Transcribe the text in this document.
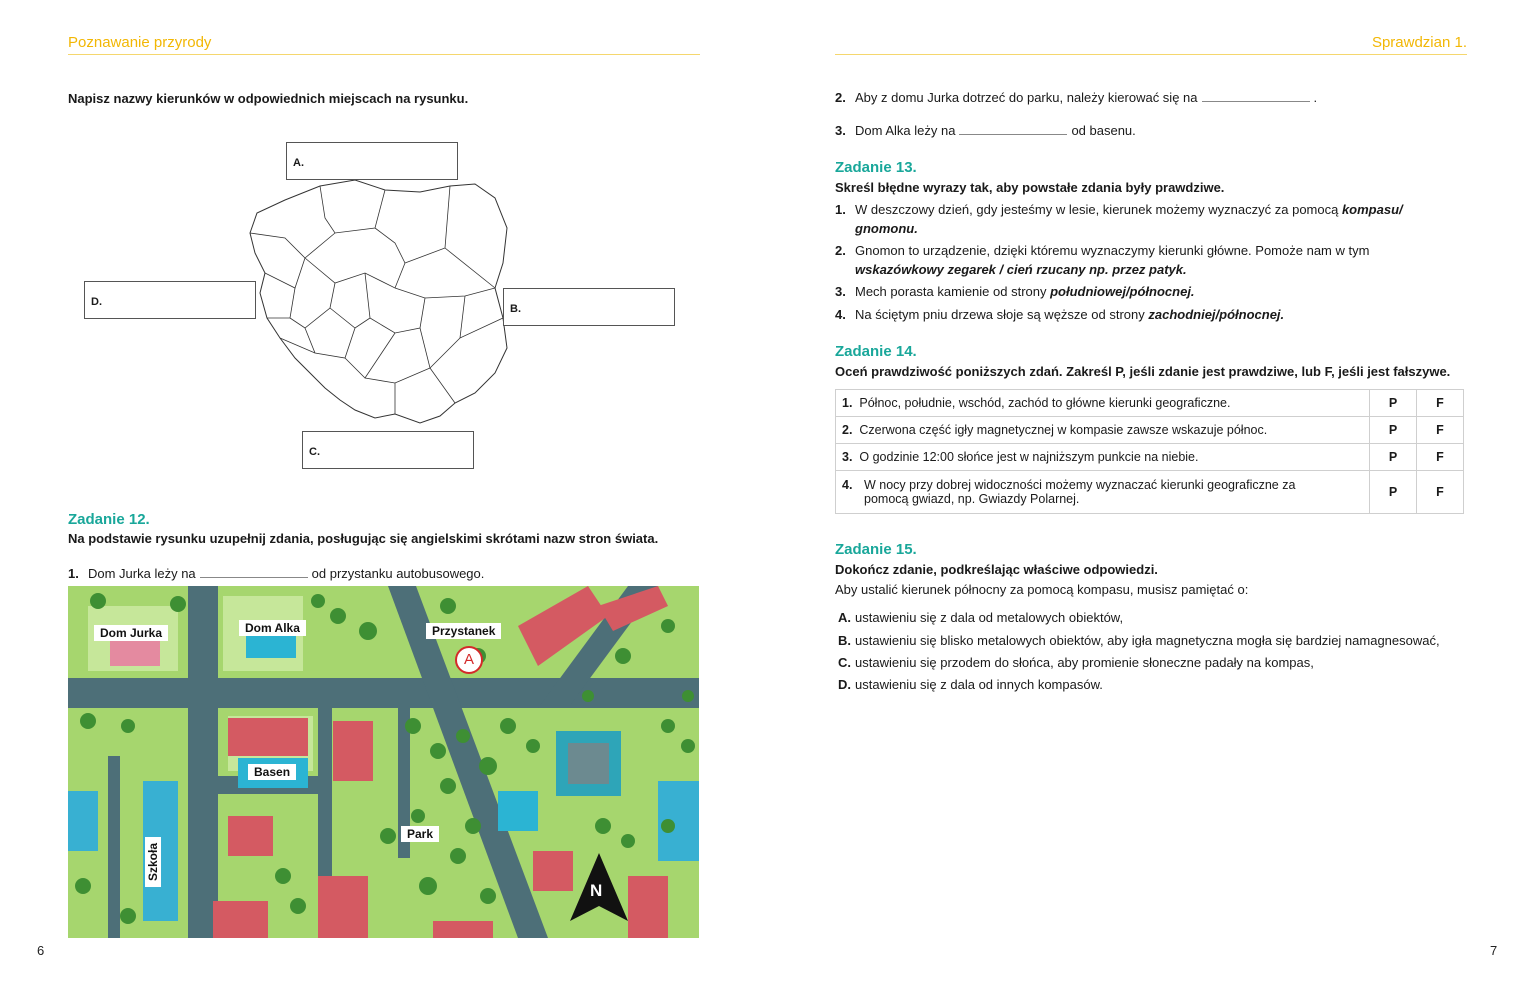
Poznawanie przyrody
Napisz nazwy kierunków w odpowiednich miejscach na rysunku.
A.
B.
C.
D.
Zadanie 12.
Na podstawie rysunku uzupełnij zdania, posługując się angielskimi skrótami nazw stron świata.
1. Dom Jurka leży na	od przystanku autobusowego.
Dom Jurka	Dom Alka	Przystanek
A
Basen
Park
Szkoła
N
6
Sprawdzian 1.
2. Aby z domu Jurka dotrzeć do parku, należy kierować się na	.
3. Dom Alka leży na	od basenu.
Zadanie 13.
Skreśl błędne wyrazy tak, aby powstałe zdania były prawdziwe.
1. W deszczowy dzień, gdy jesteśmy w lesie, kierunek możemy wyznaczyć za pomocą kompasu/
gnomonu.
2. Gnomon to urządzenie, dzięki któremu wyznaczymy kierunki główne. Pomoże nam w tym
wskazówkowy zegarek / cień rzucany np. przez patyk.
3. Mech porasta kamienie od strony południowej/północnej.
4. Na ściętym pniu drzewa słoje są węższe od strony zachodniej/północnej.
Zadanie 14.
Oceń prawdziwość poniższych zdań. Zakreśl P, jeśli zdanie jest prawdziwe, lub F, jeśli jest fałszywe.
1. Północ, południe, wschód, zachód to główne kierunki geograficzne.	P	F
2. Czerwona część igły magnetycznej w kompasie zawsze wskazuje północ.	P	F
3. O godzinie 12:00 słońce jest w najniższym punkcie na niebie.	P	F

4. W nocy przy dobrej widoczności możemy wyznaczać kierunki geograficzne za pomocą gwiazd, np. Gwiazdy Polarnej.	P	F
Zadanie 15.
Dokończ zdanie, podkreślając właściwe odpowiedzi.
Aby ustalić kierunek północny za pomocą kompasu, musisz pamiętać o:
A. ustawieniu się z dala od metalowych obiektów,
B. ustawieniu się blisko metalowych obiektów, aby igła magnetyczna mogła się bardziej namagnesować,
C. ustawieniu się przodem do słońca, aby promienie słoneczne padały na kompas,
D. ustawieniu się z dala od innych kompasów.
7
